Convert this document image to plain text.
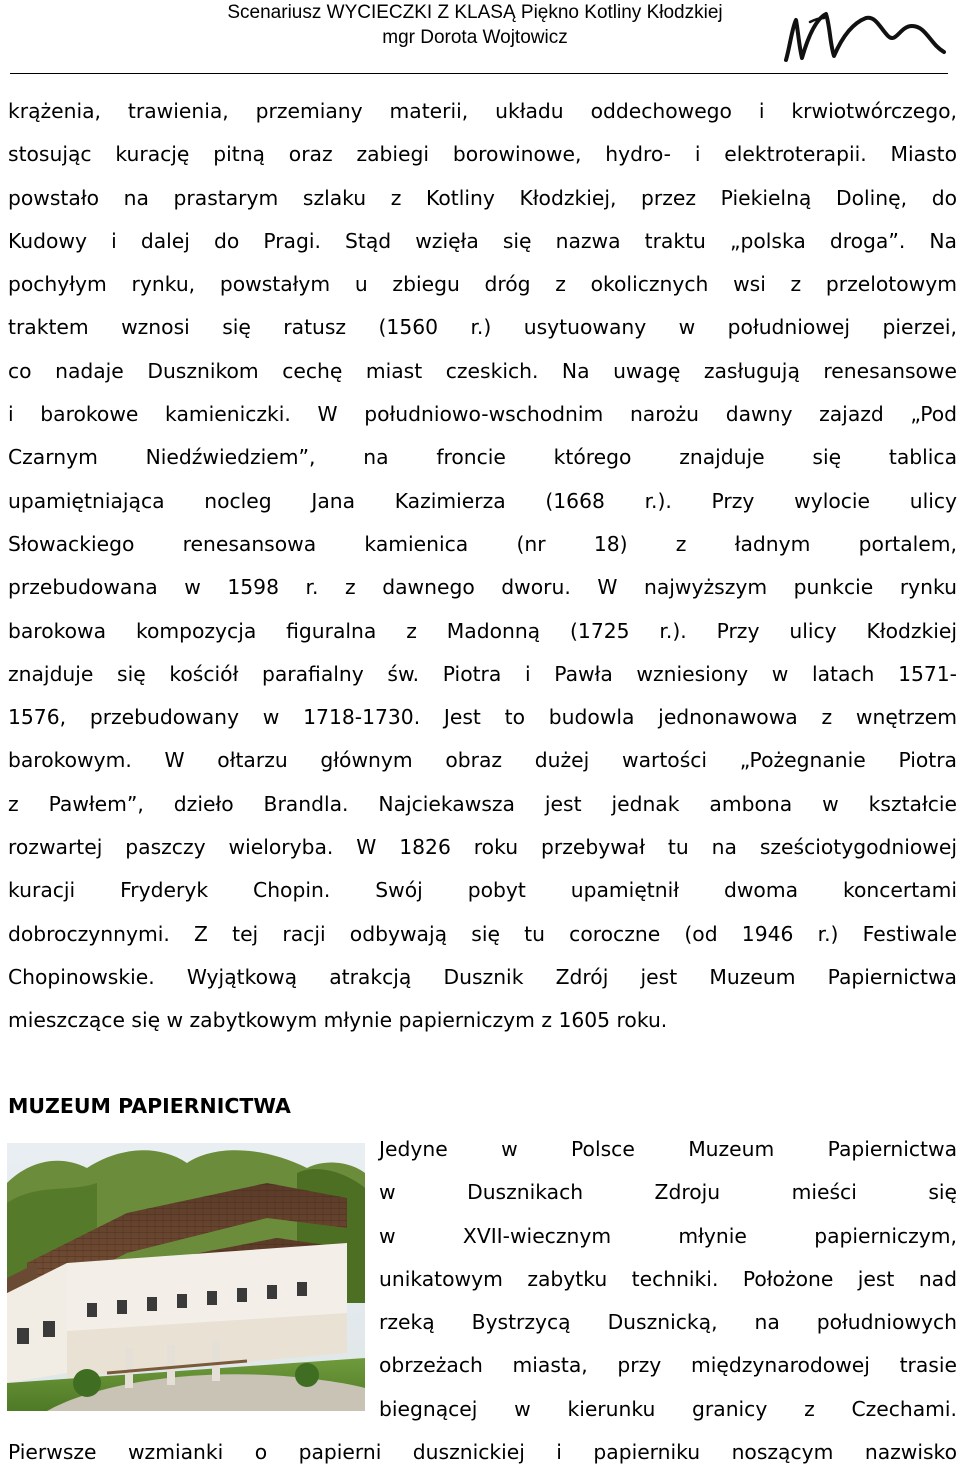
Scenariusz WYCIECZKI Z KLASĄ Piękno Kotliny Kłodzkiej
mgr Dorota Wojtowicz
krążenia, trawienia, przemiany materii, układu oddechowego i krwiotwórczego,
stosując kurację pitną oraz zabiegi borowinowe, hydro- i elektroterapii. Miasto
powstało na prastarym szlaku z Kotliny Kłodzkiej, przez Piekielną Dolinę, do
Kudowy i dalej do Pragi. Stąd wzięła się nazwa traktu „polska droga”. Na
pochyłym rynku, powstałym u zbiegu dróg z okolicznych wsi z przelotowym
traktem wznosi się ratusz (1560 r.) usytuowany w południowej pierzei,
co nadaje Dusznikom cechę miast czeskich. Na uwagę zasługują renesansowe
i barokowe kamieniczki. W południowo-wschodnim narożu dawny zajazd „Pod
Czarnym Niedźwiedziem”, na froncie którego znajduje się tablica
upamiętniająca nocleg Jana Kazimierza (1668 r.). Przy wylocie ulicy
Słowackiego renesansowa kamienica (nr 18) z ładnym portalem,
przebudowana w 1598 r. z dawnego dworu. W najwyższym punkcie rynku
barokowa kompozycja figuralna z Madonną (1725 r.). Przy ulicy Kłodzkiej
znajduje się kościół parafialny św. Piotra i Pawła wzniesiony w latach 1571-
1576, przebudowany w 1718-1730. Jest to budowla jednonawowa z wnętrzem
barokowym. W ołtarzu głównym obraz dużej wartości „Pożegnanie Piotra
z Pawłem”, dzieło Brandla. Najciekawsza jest jednak ambona w kształcie
rozwartej paszczy wieloryba. W 1826 roku przebywał tu na sześciotygodniowej
kuracji Fryderyk Chopin. Swój pobyt upamiętnił dwoma koncertami
dobroczynnymi. Z tej racji odbywają się tu coroczne (od 1946 r.) Festiwale
Chopinowskie. Wyjątkową atrakcją Dusznik Zdrój jest Muzeum Papiernictwa
mieszczące się w zabytkowym młynie papierniczym z 1605 roku.
MUZEUM PAPIERNICTWA
Jedyne w Polsce Muzeum Papiernictwa
w Dusznikach Zdroju mieści się
w XVII-wiecznym młynie papierniczym,
unikatowym zabytku techniki. Położone jest nad
rzeką Bystrzycą Dusznicką, na południowych
obrzeżach miasta, przy międzynarodowej trasie
biegnącej w kierunku granicy z Czechami.
Pierwsze wzmianki o papierni dusznickiej i papierniku noszącym nazwisko
